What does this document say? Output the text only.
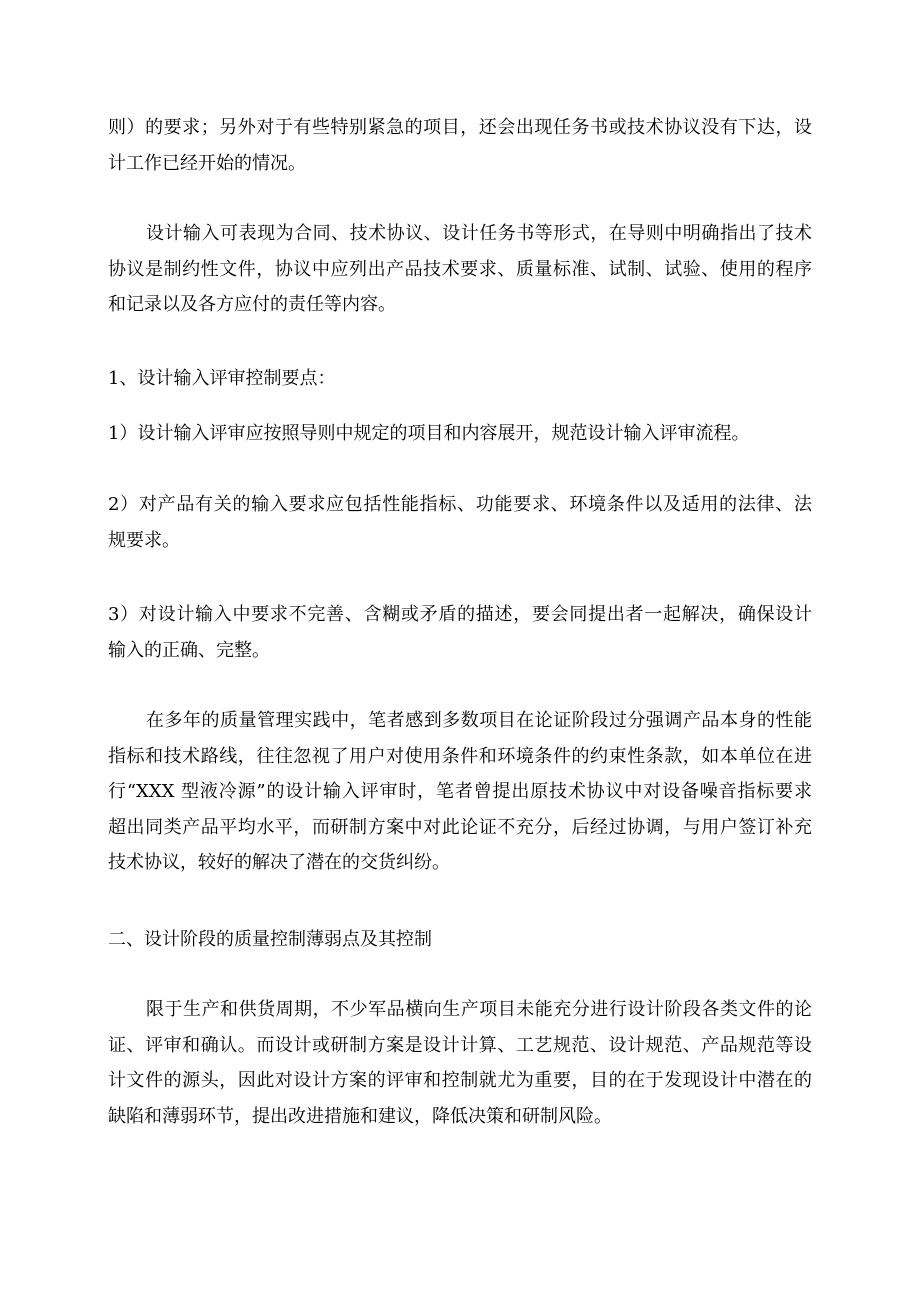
则）的要求；另外对于有些特别紧急的项目，还会出现任务书或技术协议没有下达，设
计工作已经开始的情况。
设计输入可表现为合同、技术协议、设计任务书等形式，在导则中明确指出了技术
协议是制约性文件，协议中应列出产品技术要求、质量标准、试制、试验、使用的程序
和记录以及各方应付的责任等内容。
1、设计输入评审控制要点：
1）设计输入评审应按照导则中规定的项目和内容展开，规范设计输入评审流程。
2）对产品有关的输入要求应包括性能指标、功能要求、环境条件以及适用的法律、法
规要求。
3）对设计输入中要求不完善、含糊或矛盾的描述，要会同提出者一起解决，确保设计
输入的正确、完整。
在多年的质量管理实践中，笔者感到多数项目在论证阶段过分强调产品本身的性能
指标和技术路线，往往忽视了用户对使用条件和环境条件的约束性条款，如本单位在进
行“XXX 型液冷源”的设计输入评审时，笔者曾提出原技术协议中对设备噪音指标要求
超出同类产品平均水平，而研制方案中对此论证不充分，后经过协调，与用户签订补充
技术协议，较好的解决了潜在的交货纠纷。
二、设计阶段的质量控制薄弱点及其控制
限于生产和供货周期，不少军品横向生产项目未能充分进行设计阶段各类文件的论
证、评审和确认。而设计或研制方案是设计计算、工艺规范、设计规范、产品规范等设
计文件的源头，因此对设计方案的评审和控制就尤为重要，目的在于发现设计中潜在的
缺陷和薄弱环节，提出改进措施和建议，降低决策和研制风险。
